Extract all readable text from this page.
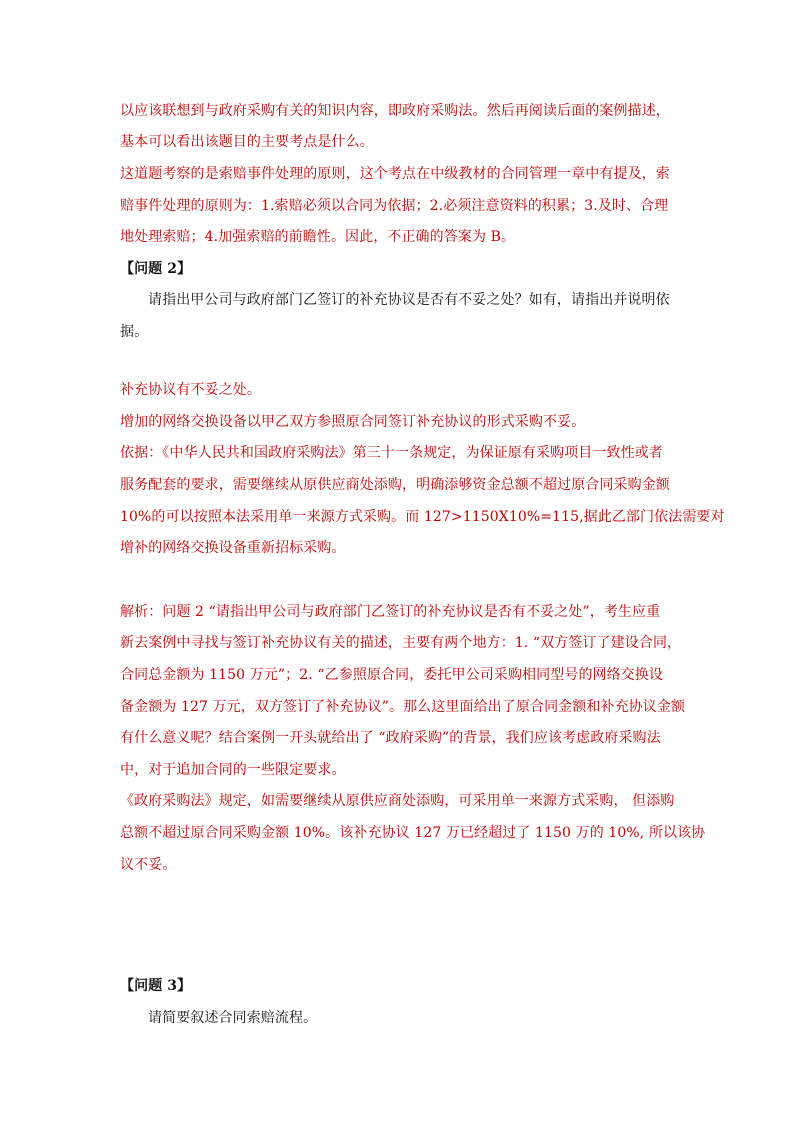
以应该联想到与政府采购有关的知识内容，即政府采购法。然后再阅读后面的案例描述，
基本可以看出该题目的主要考点是什么。
这道题考察的是索赔事件处理的原则，这个考点在中级教材的合同管理一章中有提及，索
赔事件处理的原则为：1.索赔必须以合同为依据；2.必须注意资料的积累；3.及时、合理
地处理索赔；4.加强索赔的前瞻性。因此，不正确的答案为 B。
【问题 2】
请指出甲公司与政府部门乙签订的补充协议是否有不妥之处？如有，请指出并说明依
据。
补充协议有不妥之处。
增加的网络交换设备以甲乙双方参照原合同签订补充协议的形式采购不妥。
依据：《中华人民共和国政府采购法》第三十一条规定，为保证原有采购项目一致性或者
服务配套的要求，需要继续从原供应商处添购，明确添够资金总额不超过原合同采购金额
10%的可以按照本法采用单一来源方式采购。而 127>1150X10%=115,据此乙部门依法需要对
增补的网络交换设备重新招标采购。
解析：问题 2 “请指出甲公司与政府部门乙签订的补充协议是否有不妥之处”，考生应重
新去案例中寻找与签订补充协议有关的描述，主要有两个地方：1. “双方签订了建设合同，
合同总金额为 1150 万元”；2. “乙参照原合同，委托甲公司采购相同型号的网络交换设
备金额为 127 万元，双方签订了补充协议”。那么这里面给出了原合同金额和补充协议金额
有什么意义呢？结合案例一开头就给出了 “政府采购”的背景，我们应该考虑政府采购法
中，对于追加合同的一些限定要求。
《政府采购法》规定，如需要继续从原供应商处添购，可采用单一来源方式采购， 但添购
总额不超过原合同采购金额 10%。该补充协议 127 万已经超过了 1150 万的 10%, 所以该协
议不妥。
【问题 3】
请简要叙述合同索赔流程。
